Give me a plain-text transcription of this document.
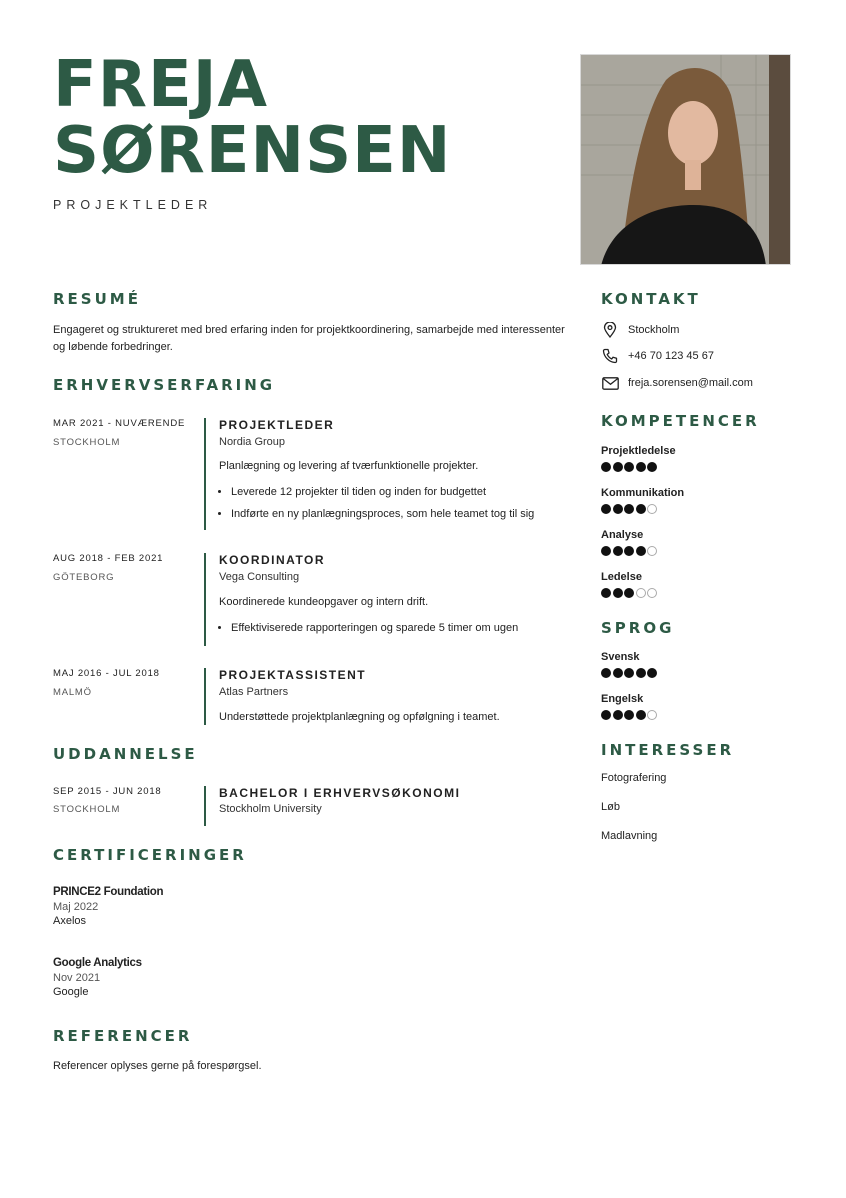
FREJA
SØRENSEN
PROJEKTLEDER
RESUMÉ
Engageret og struktureret med bred erfaring inden for projektkoordinering, samarbejde med interessenter og løbende forbedringer.
ERHVERVSERFARING
MAR 2021 - NUVÆRENDE
STOCKHOLM
PROJEKTLEDER
Nordia Group
Planlægning og levering af tværfunktionelle projekter.
• Leverede 12 projekter til tiden og inden for budgettet
• Indførte en ny planlægningsproces, som hele teamet tog til sig
AUG 2018 - FEB 2021
GÖTEBORG
KOORDINATOR
Vega Consulting
Koordinerede kundeopgaver og intern drift.
• Effektiviserede rapporteringen og sparede 5 timer om ugen
MAJ 2016 - JUL 2018
MALMÖ
PROJEKTASSISTENT
Atlas Partners
Understøttede projektplanlægning og opfølgning i teamet.
UDDANNELSE
SEP 2015 - JUN 2018
STOCKHOLM
BACHELOR I ERHVERVSØKONOMI
Stockholm University
CERTIFICERINGER
PRINCE2 Foundation
Maj 2022
Axelos
Google Analytics
Nov 2021
Google
REFERENCER
Referencer oplyses gerne på forespørgsel.
KONTAKT
Stockholm
+46 70 123 45 67
freja.sorensen@mail.com
KOMPETENCER
Projektledelse
Kommunikation
Analyse
Ledelse
SPROG
Svensk
Engelsk
INTERESSER
Fotografering
Løb
Madlavning
